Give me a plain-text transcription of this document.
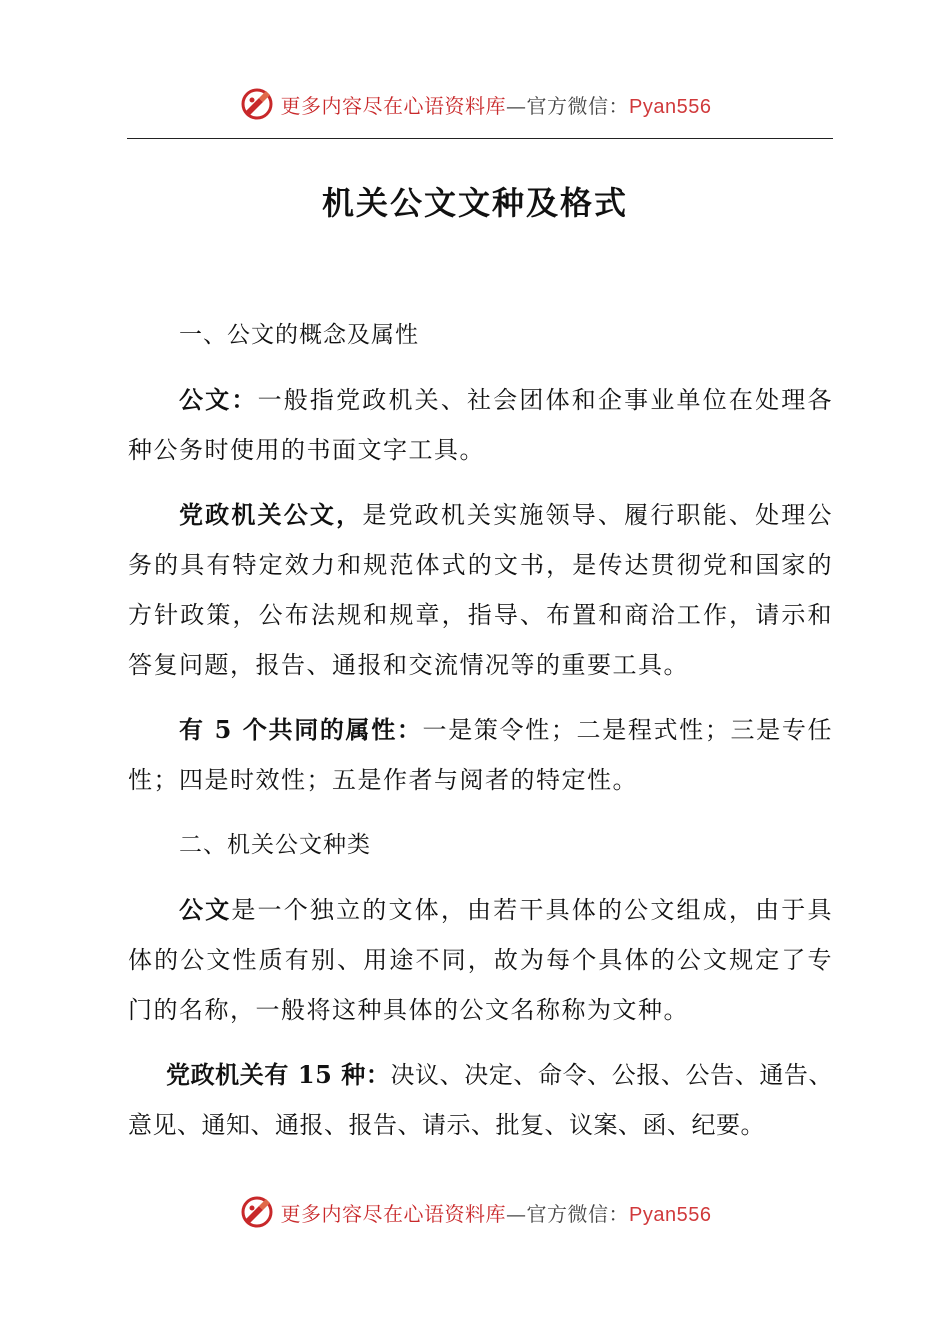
更多内容尽在心语资料库—官方微信：Pyan556
机关公文文种及格式

一、公文的概念及属性

公文：一般指党政机关、社会团体和企事业单位在处理各种公务时使用的书面文字工具。

党政机关公文，是党政机关实施领导、履行职能、处理公务的具有特定效力和规范体式的文书，是传达贯彻党和国家的方针政策，公布法规和规章，指导、布置和商洽工作，请示和答复问题，报告、通报和交流情况等的重要工具。

有 5 个共同的属性：一是策令性；二是程式性；三是专任性；四是时效性；五是作者与阅者的特定性。

二、机关公文种类

公文是一个独立的文体，由若干具体的公文组成，由于具体的公文性质有别、用途不同，故为每个具体的公文规定了专门的名称，一般将这种具体的公文名称称为文种。

党政机关有 15 种：决议、决定、命令、公报、公告、通告、意见、通知、通报、报告、请示、批复、议案、函、纪要。

更多内容尽在心语资料库—官方微信：Pyan556
